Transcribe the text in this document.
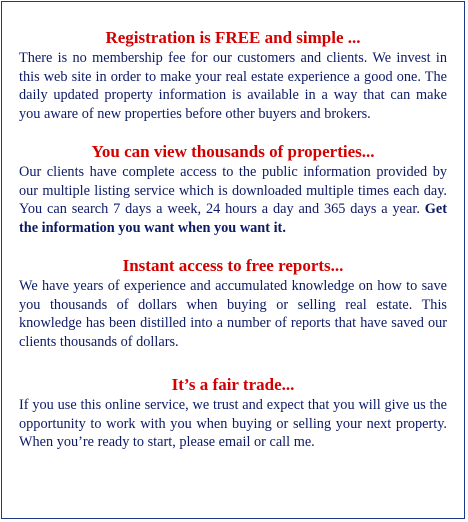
Registration is FREE and simple ...

There is no membership fee for our customers and clients. We invest in this web site in order to make your real estate experience a good one. The daily updated property information is available in a way that can make you aware of new properties before other buyers and brokers.

You can view thousands of properties...

Our clients have complete access to the public information provided by our multiple listing service which is downloaded multiple times each day. You can search 7 days a week, 24 hours a day and 365 days a year. Get the information you want when you want it.

Instant access to free reports...

We have years of experience and accumulated knowledge on how to save you thousands of dollars when buying or selling real estate. This knowledge has been distilled into a number of reports that have saved our clients thousands of dollars.

It’s a fair trade...

If you use this online service, we trust and expect that you will give us the opportunity to work with you when buying or selling your next property. When you’re ready to start, please email or call me.
